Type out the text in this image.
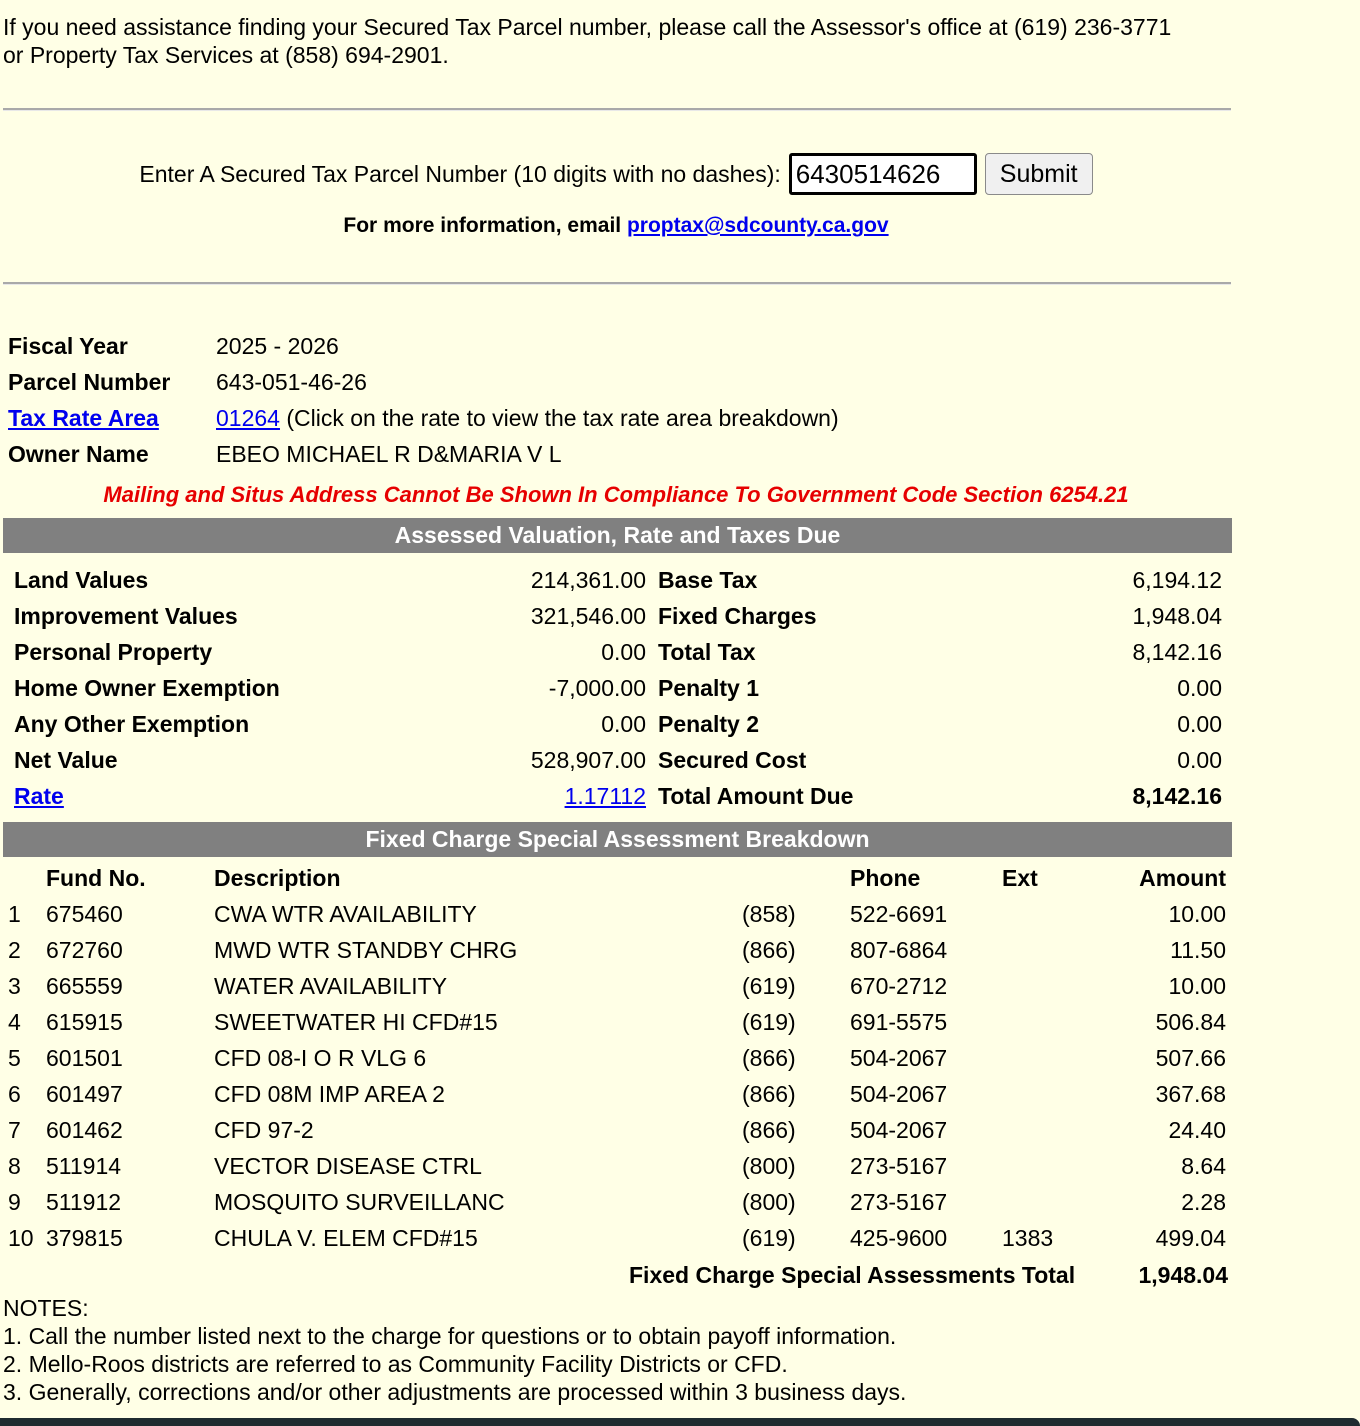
If you need assistance finding your Secured Tax Parcel number, please call the Assessor's office at (619) 236-3771
or Property Tax Services at (858) 694-2901.
Enter A Secured Tax Parcel Number (10 digits with no dashes):
6430514626	Submit
For more information, email proptax@sdcounty.ca.gov
Fiscal Year	2025 - 2026
Parcel Number	643-051-46-26
Tax Rate Area	01264 (Click on the rate to view the tax rate area breakdown)
Owner Name	EBEO MICHAEL R D&MARIA V L
Mailing and Situs Address Cannot Be Shown In Compliance To Government Code Section 6254.21
Assessed Valuation, Rate and Taxes Due
Land Values	214,361.00	Base Tax	6,194.12
Improvement Values	321,546.00	Fixed Charges	1,948.04
Personal Property	0.00	Total Tax	8,142.16
Home Owner Exemption	-7,000.00	Penalty 1	0.00
Any Other Exemption	0.00	Penalty 2	0.00
Net Value	528,907.00	Secured Cost	0.00
Rate	1.17112	Total Amount Due	8,142.16
Fixed Charge Special Assessment Breakdown
	Fund No.	Description		Phone	Ext	Amount
1	675460	CWA WTR AVAILABILITY	(858)	522-6691		10.00
2	672760	MWD WTR STANDBY CHRG	(866)	807-6864		11.50
3	665559	WATER AVAILABILITY	(619)	670-2712		10.00
4	615915	SWEETWATER HI CFD#15	(619)	691-5575		506.84
5	601501	CFD 08-I O R VLG 6	(866)	504-2067		507.66
6	601497	CFD 08M IMP AREA 2	(866)	504-2067		367.68
7	601462	CFD 97-2	(866)	504-2067		24.40
8	511914	VECTOR DISEASE CTRL	(800)	273-5167		8.64
9	511912	MOSQUITO SURVEILLANC	(800)	273-5167		2.28
10	379815	CHULA V. ELEM CFD#15	(619)	425-9600	1383	499.04
Fixed Charge Special Assessments Total	1,948.04
NOTES:
1. Call the number listed next to the charge for questions or to obtain payoff information.
2. Mello-Roos districts are referred to as Community Facility Districts or CFD.
3. Generally, corrections and/or other adjustments are processed within 3 business days.
